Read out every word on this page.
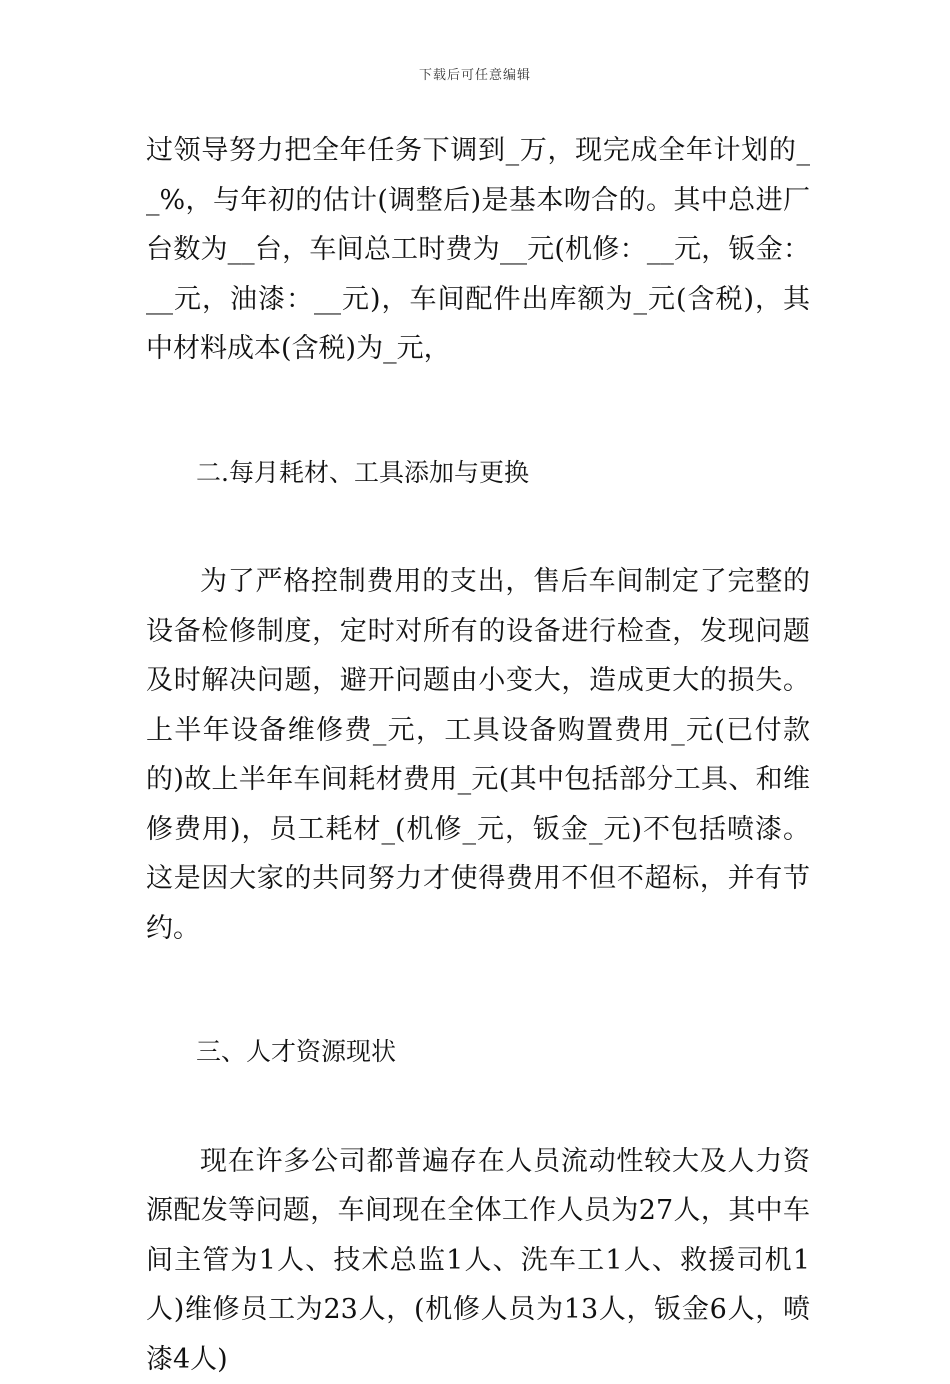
下载后可任意编辑

过领导努力把全年任务下调到_万，现完成全年计划的__%，与年初的估计(调整后)是基本吻合的。其中总进厂台数为__台，车间总工时费为__元(机修：__元，钣金：__元，油漆：__元)，车间配件出库额为_元(含税)，其中材料成本(含税)为_元，

二.每月耗材、工具添加与更换

为了严格控制费用的支出，售后车间制定了完整的设备检修制度，定时对所有的设备进行检查，发现问题及时解决问题，避开问题由小变大，造成更大的损失。上半年设备维修费_元，工具设备购置费用_元(已付款的)故上半年车间耗材费用_元(其中包括部分工具、和维修费用)，员工耗材_(机修_元，钣金_元)不包括喷漆。这是因大家的共同努力才使得费用不但不超标，并有节约。

三、人才资源现状

现在许多公司都普遍存在人员流动性较大及人力资源配发等问题，车间现在全体工作人员为27人，其中车间主管为1人、技术总监1人、洗车工1人、救援司机1人)维修员工为23人，(机修人员为13人，钣金6人，喷漆4人)
